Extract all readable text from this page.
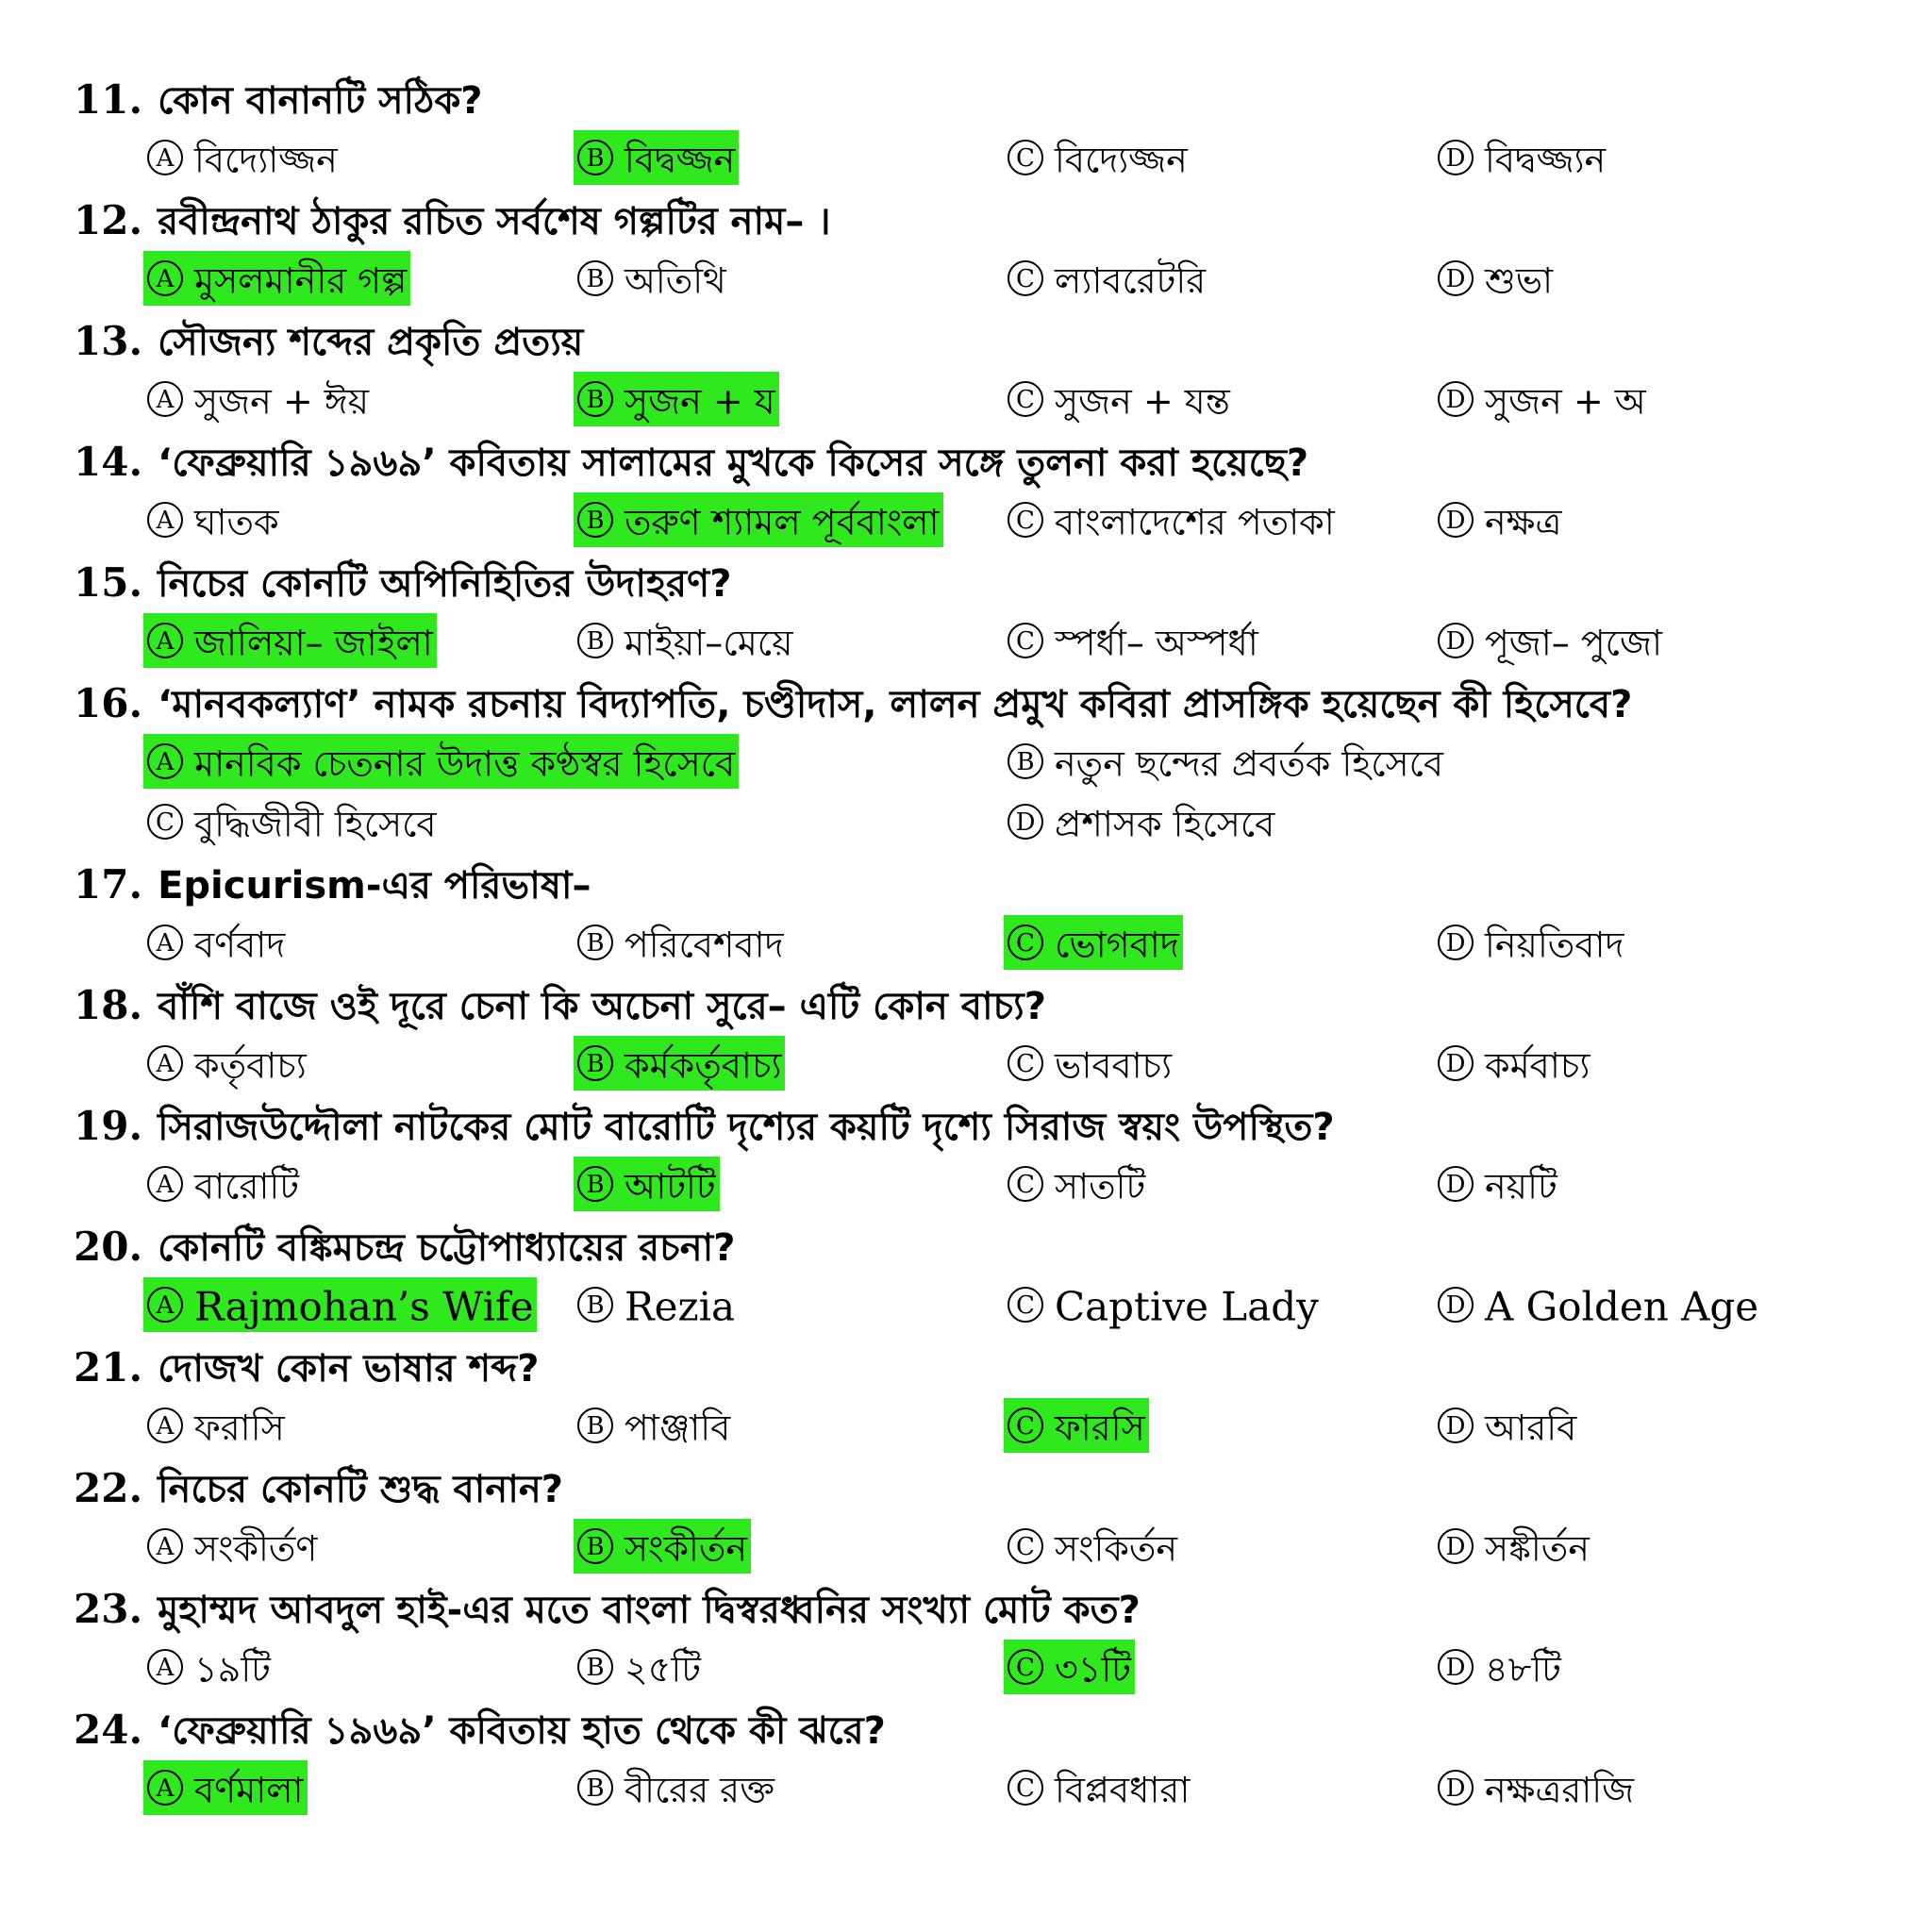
11. কোন বানানটি সঠিক?
A বিদ্যোজ্জন	B বিদ্বজ্জন	C বিদ্যেজ্জন	D বিদ্বজ্জ্যন
12. রবীন্দ্রনাথ ঠাকুর রচিত সর্বশেষ গল্পটির নাম– ।
A মুসলমানীর গল্প	B অতিথি	C ল্যাবরেটরি	D শুভা
13. সৌজন্য শব্দের প্রকৃতি প্রত্যয়
A সুজন + ঈয়	B সুজন + য	C সুজন + যন্ত	D সুজন + অ
14. ‘ফেব্রুয়ারি ১৯৬৯’ কবিতায় সালামের মুখকে কিসের সঙ্গে তুলনা করা হয়েছে?
A ঘাতক	B তরুণ শ্যামল পূর্ববাংলা	C বাংলাদেশের পতাকা	D নক্ষত্র
15. নিচের কোনটি অপিনিহিতির উদাহরণ?
A জালিয়া– জাইলা	B মাইয়া–মেয়ে	C স্পর্ধা– অস্পর্ধা	D পূজা– পুজো
16. ‘মানবকল্যাণ’ নামক রচনায় বিদ্যাপতি, চণ্ডীদাস, লালন প্রমুখ কবিরা প্রাসঙ্গিক হয়েছেন কী হিসেবে?
A মানবিক চেতনার উদাত্ত কণ্ঠস্বর হিসেবে	B নতুন ছন্দের প্রবর্তক হিসেবে
C বুদ্ধিজীবী হিসেবে	D প্রশাসক হিসেবে
17. Epicurism-এর পরিভাষা–
A বর্ণবাদ	B পরিবেশবাদ	C ভোগবাদ	D নিয়তিবাদ
18. বাঁশি বাজে ওই দূরে চেনা কি অচেনা সুরে– এটি কোন বাচ্য?
A কর্তৃবাচ্য	B কর্মকর্তৃবাচ্য	C ভাববাচ্য	D কর্মবাচ্য
19. সিরাজউদ্দৌলা নাটকের মোট বারোটি দৃশ্যের কয়টি দৃশ্যে সিরাজ স্বয়ং উপস্থিত?
A বারোটি	B আটটি	C সাতটি	D নয়টি
20. কোনটি বঙ্কিমচন্দ্র চট্টোপাধ্যায়ের রচনা?
A Rajmohan’s Wife	B Rezia	C Captive Lady	D A Golden Age
21. দোজখ কোন ভাষার শব্দ?
A ফরাসি	B পাঞ্জাবি	C ফারসি	D আরবি
22. নিচের কোনটি শুদ্ধ বানান?
A সংকীর্তণ	B সংকীর্তন	C সংকির্তন	D সঙ্কীর্তন
23. মুহাম্মদ আবদুল হাই-এর মতে বাংলা দ্বিস্বরধ্বনির সংখ্যা মোট কত?
A ১৯টি	B ২৫টি	C ৩১টি	D ৪৮টি
24. ‘ফেব্রুয়ারি ১৯৬৯’ কবিতায় হাত থেকে কী ঝরে?
A বর্ণমালা	B বীরের রক্ত	C বিপ্লবধারা	D নক্ষত্ররাজি
